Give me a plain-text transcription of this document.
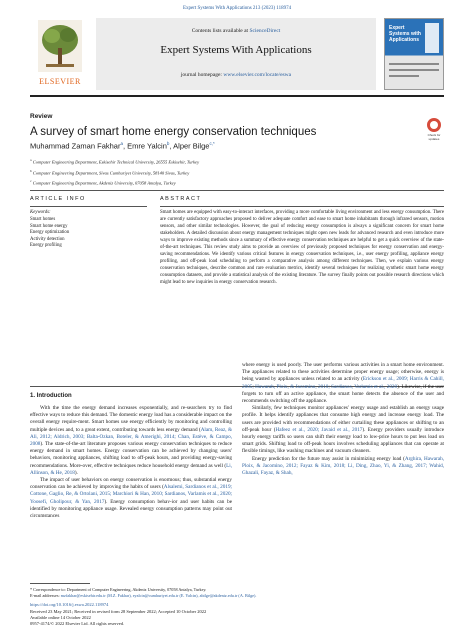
Expert Systems With Applications 213 (2023) 118974
ELSEVIER
Contents lists available at ScienceDirect
Expert Systems With Applications
journal homepage: www.elsevier.com/locate/eswa
Expert Systems with Applications
Review
A survey of smart home energy conservation techniques	Check for updates
Muhammad Zaman Fakhar$^a$, Emre Yalcin$^b$, Alper Bilge$^{c,*}$
$^a$ Computer Engineering Department, Eskisehir Technical University, 26555 Eskisehir, Turkey
$^b$ Computer Engineering Department, Sivas Cumhuriyet University, 58140 Sivas, Turkey
$^c$ Computer Engineering Department, Akdeniz University, 07058 Antalya, Turkey
ARTICLE INFO
Keywords:
Smart homes
Smart home energy
Energy optimization
Activity detection
Energy profiling
ABSTRACT
Smart homes are equipped with easy-to-interact interfaces, providing a more comfortable living environment and less energy consumption. There are currently satisfactory approaches proposed to deliver adequate comfort and ease to smart home inhabitants through infrared sensors, motion sensors, and other similar technologies. However, the goal of reducing energy consumption is always a significant concern for smart home stakeholders. A detailed discussion about energy management techniques might open new leads for advanced research and even introduce more ways to improve existing methods since a summary of effective energy conservation techniques are helpful to get a quick overview of the state-of-the-art techniques. This review study aims to provide an overview of previously proposed techniques for energy conservation and energy-saving recommendations. We identify various critical features in energy conservation techniques, i.e., user energy profiling, appliance energy profiling, and off-peak load scheduling to perform a comparative analysis among different techniques. Then, we explain various energy conservation techniques, describe common and rare evaluation metrics, identify several techniques for realizing synthetic smart home energy consumption datasets, and provide a statistical analysis of the existing literature. The survey finally points out possible research directions which might lead to new inquiries in energy conservation research.
1. Introduction

With the time the energy demand increases exponentially, and re-searchers try to find effective ways to reduce this demand. The domestic energy load has a considerable impact on the overall energy require-ment. Smart homes use energy efficiently by monitoring and controlling multiple devices and, to a great extent, contributing towards less energy demand (Alam, Reaz, & Ali, 2012; Aldrich, 2003; Balta-Ozkan, Boteler, & Amerighi, 2014; Chan, Estève, & Campo, 2008). The state-of-the-art literature proposes various energy conservation techniques to reduce energy demand in smart homes. Energy conservation can be achieved by changing users' behaviors, monitoring appliances, shifting load to off-peak hours, and providing energy-saving recommendations. More-over, effective techniques reduce household energy demand as well (Li, Allinson, & He, 2018).

The impact of user behaviors on energy conservation is enormous; thus, substantial energy conservation can be achieved by improving the habits of users (Alsalemi, Sardianos et al., 2019; Cottone, Gaglio, Re, & Ortolani, 2015; Marchiori & Han, 2010; Sardianos, Varlamis et al., 2020; Yoosefi, Gholipour, & Yan, 2017). Energy consumption behav-ior and user habits can be identified by monitoring appliance usage. Revealed energy consumption patterns may point out circumstances

where energy is used poorly. The user performs various activities in a smart home environment. The appliances related to these activities determine proper energy usage; otherwise, energy is being wasted by appliances unless related to an activity (Erickson et al., 2009; Harris & Cahill, 2005; Hawarah, Ploix, & Jacomino, 2010; Sardianos, Varlamis et al., 2020). Likewise, if the user forgets to turn off an active appliance, the smart home detects the absence of the user and recommends switching off the appliance.

Similarly, few techniques monitor appliances' energy usage and establish an energy usage profile. It helps identify appliances that consume high energy and increase energy load. The users are provided with recommendations of either curtailing these appliances or shifting to an off-peak hour (Hafeez et al., 2020; Javaid et al., 2017). Energy providers usually introduce hourly energy tariffs so users can shift their energy load to low-price hours to put less load on smart grids. Shifting load to off-peak hours involves scheduling appliances that can operate at flexible timings, like washing machines and vacuum cleaners.

Energy prediction for the future may assist in minimizing energy load (Arghira, Hawarah, Ploix, & Jacomino, 2012; Fayaz & Kim, 2018; Li, Ding, Zhao, Yi, & Zhang, 2017; Wahid, Ghazali, Fayaz, & Shah,

* Correspondence to: Department of Computer Engineering, Akdeniz University, 07058 Antalya, Turkey.
E-mail addresses: mzfakhar@eskisehir.edu.tr (M.Z. Fakhar), eyalcin@cumhuriyet.edu.tr (E. Yalcin), abilge@akdeniz.edu.tr (A. Bilge).
https://doi.org/10.1016/j.eswa.2022.118974
Received 23 May 2021; Received in revised form 28 September 2022; Accepted 10 October 2022
Available online 14 October 2022
0957-4174/© 2022 Elsevier Ltd. All rights reserved.
